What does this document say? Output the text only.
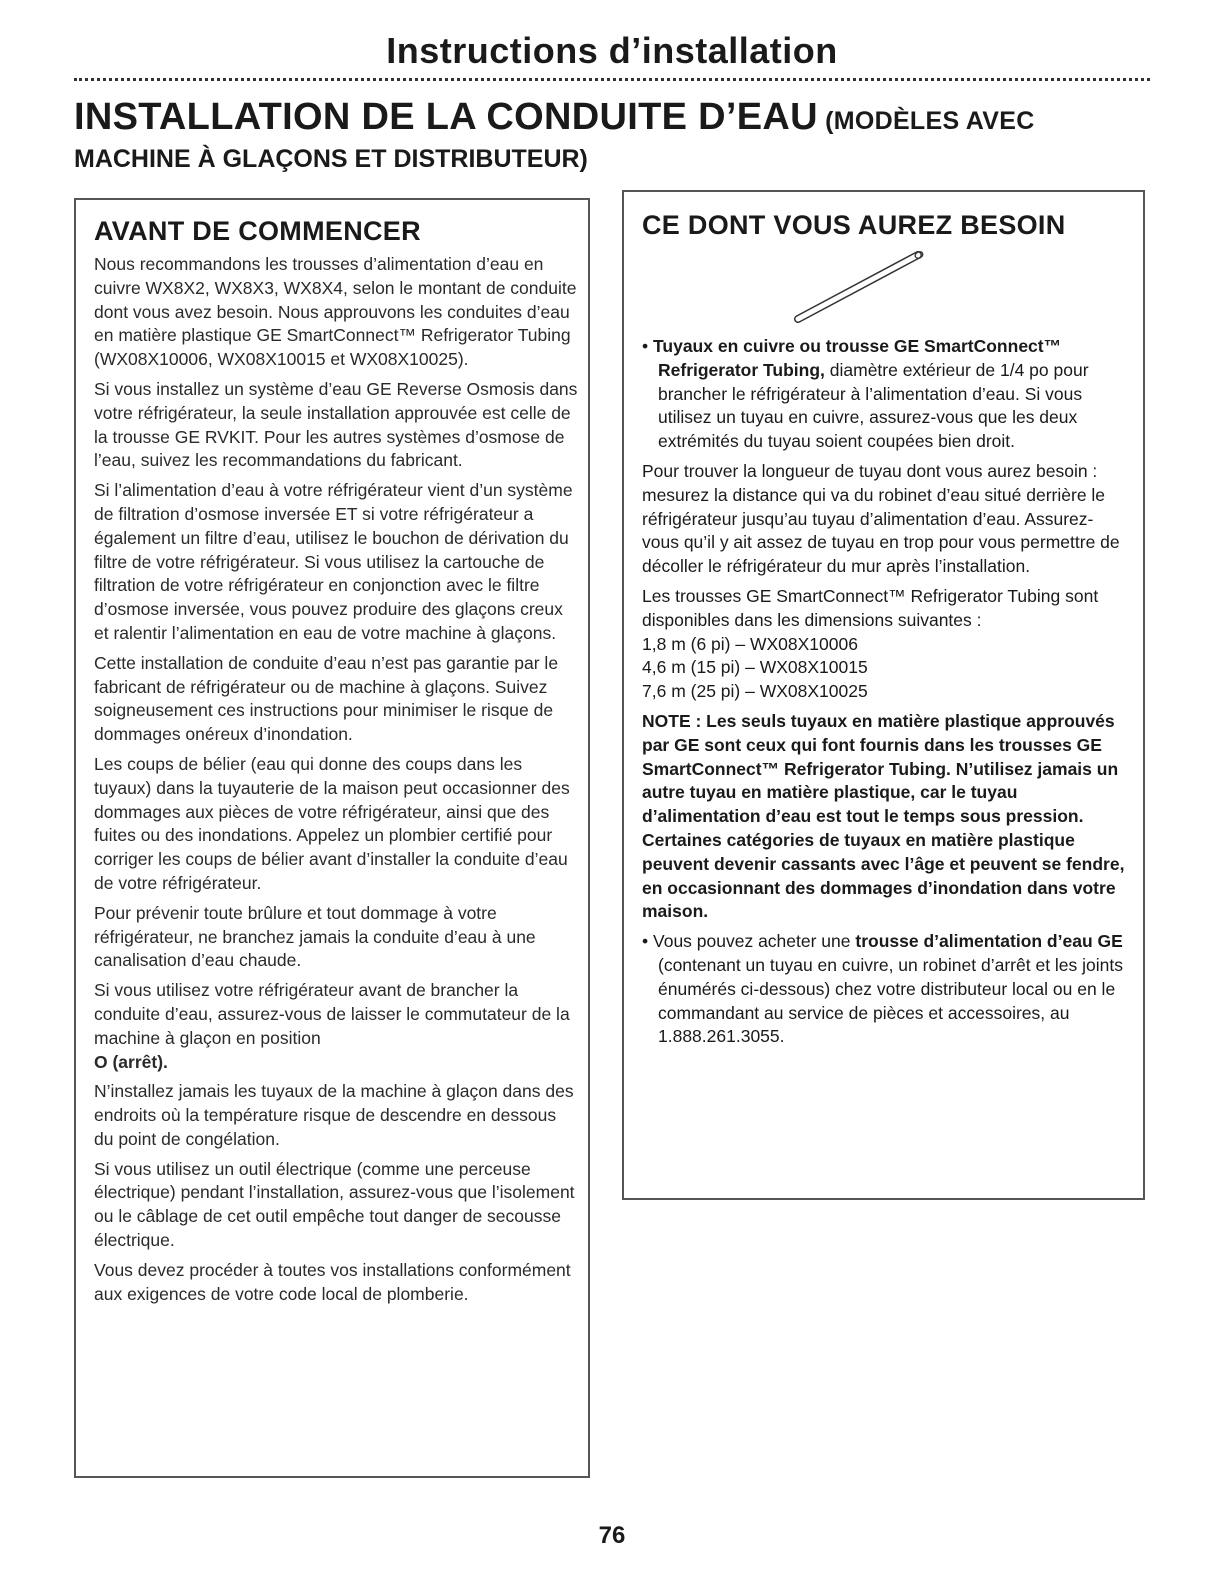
Instructions d’installation
INSTALLATION DE LA CONDUITE D’EAU (MODÈLES AVEC
MACHINE À GLAÇONS ET DISTRIBUTEUR)
AVANT DE COMMENCER

Nous recommandons les trousses d’alimentation d’eau en cuivre WX8X2, WX8X3, WX8X4, selon le montant de conduite dont vous avez besoin. Nous approuvons les conduites d’eau en matière plastique GE SmartConnect™ Refrigerator Tubing (WX08X10006, WX08X10015 et WX08X10025).

Si vous installez un système d’eau GE Reverse Osmosis dans votre réfrigérateur, la seule installation approuvée est celle de la trousse GE RVKIT. Pour les autres systèmes d’osmose de l’eau, suivez les recommandations du fabricant.

Si l’alimentation d’eau à votre réfrigérateur vient d’un système de filtration d’osmose inversée ET si votre réfrigérateur a également un filtre d’eau, utilisez le bouchon de dérivation du filtre de votre réfrigérateur. Si vous utilisez la cartouche de filtration de votre réfrigérateur en conjonction avec le filtre d’osmose inversée, vous pouvez produire des glaçons creux et ralentir l’alimentation en eau de votre machine à glaçons.

Cette installation de conduite d’eau n’est pas garantie par le fabricant de réfrigérateur ou de machine à glaçons. Suivez soigneusement ces instructions pour minimiser le risque de dommages onéreux d’inondation.

Les coups de bélier (eau qui donne des coups dans les tuyaux) dans la tuyauterie de la maison peut occasionner des dommages aux pièces de votre réfrigérateur, ainsi que des fuites ou des inondations. Appelez un plombier certifié pour corriger les coups de bélier avant d’installer la conduite d’eau de votre réfrigérateur.

Pour prévenir toute brûlure et tout dommage à votre réfrigérateur, ne branchez jamais la conduite d’eau à une canalisation d’eau chaude.

Si vous utilisez votre réfrigérateur avant de brancher la conduite d’eau, assurez-vous de laisser le commutateur de la machine à glaçon en position

O (arrêt).

N’installez jamais les tuyaux de la machine à glaçon dans des endroits où la température risque de descendre en dessous du point de congélation.

Si vous utilisez un outil électrique (comme une perceuse électrique) pendant l’installation, assurez-vous que l’isolement ou le câblage de cet outil empêche tout danger de secousse électrique.

Vous devez procéder à toutes vos installations conformément aux exigences de votre code local de plomberie.

CE DONT VOUS AUREZ BESOIN

• Tuyaux en cuivre ou trousse GE SmartConnect™ Refrigerator Tubing, diamètre extérieur de 1/4 po pour brancher le réfrigérateur à l’alimentation d’eau. Si vous utilisez un tuyau en cuivre, assurez-vous que les deux extrémités du tuyau soient coupées bien droit.

Pour trouver la longueur de tuyau dont vous aurez besoin : mesurez la distance qui va du robinet d’eau situé derrière le réfrigérateur jusqu’au tuyau d’alimentation d’eau. Assurez-vous qu’il y ait assez de tuyau en trop pour vous permettre de décoller le réfrigérateur du mur après l’installation.

Les trousses GE SmartConnect™ Refrigerator Tubing sont disponibles dans les dimensions suivantes :

1,8 m (6 pi) – WX08X10006

4,6 m (15 pi) – WX08X10015

7,6 m (25 pi) – WX08X10025

NOTE : Les seuls tuyaux en matière plastique approuvés par GE sont ceux qui font fournis dans les trousses GE SmartConnect™ Refrigerator Tubing. N’utilisez jamais un autre tuyau en matière plastique, car le tuyau d’alimentation d’eau est tout le temps sous pression. Certaines catégories de tuyaux en matière plastique peuvent devenir cassants avec l’âge et peuvent se fendre, en occasionnant des dommages d’inondation dans votre maison.

• Vous pouvez acheter une trousse d’alimentation d’eau GE (contenant un tuyau en cuivre, un robinet d’arrêt et les joints énumérés ci-dessous) chez votre distributeur local ou en le commandant au service de pièces et accessoires, au 1.888.261.3055.

76
